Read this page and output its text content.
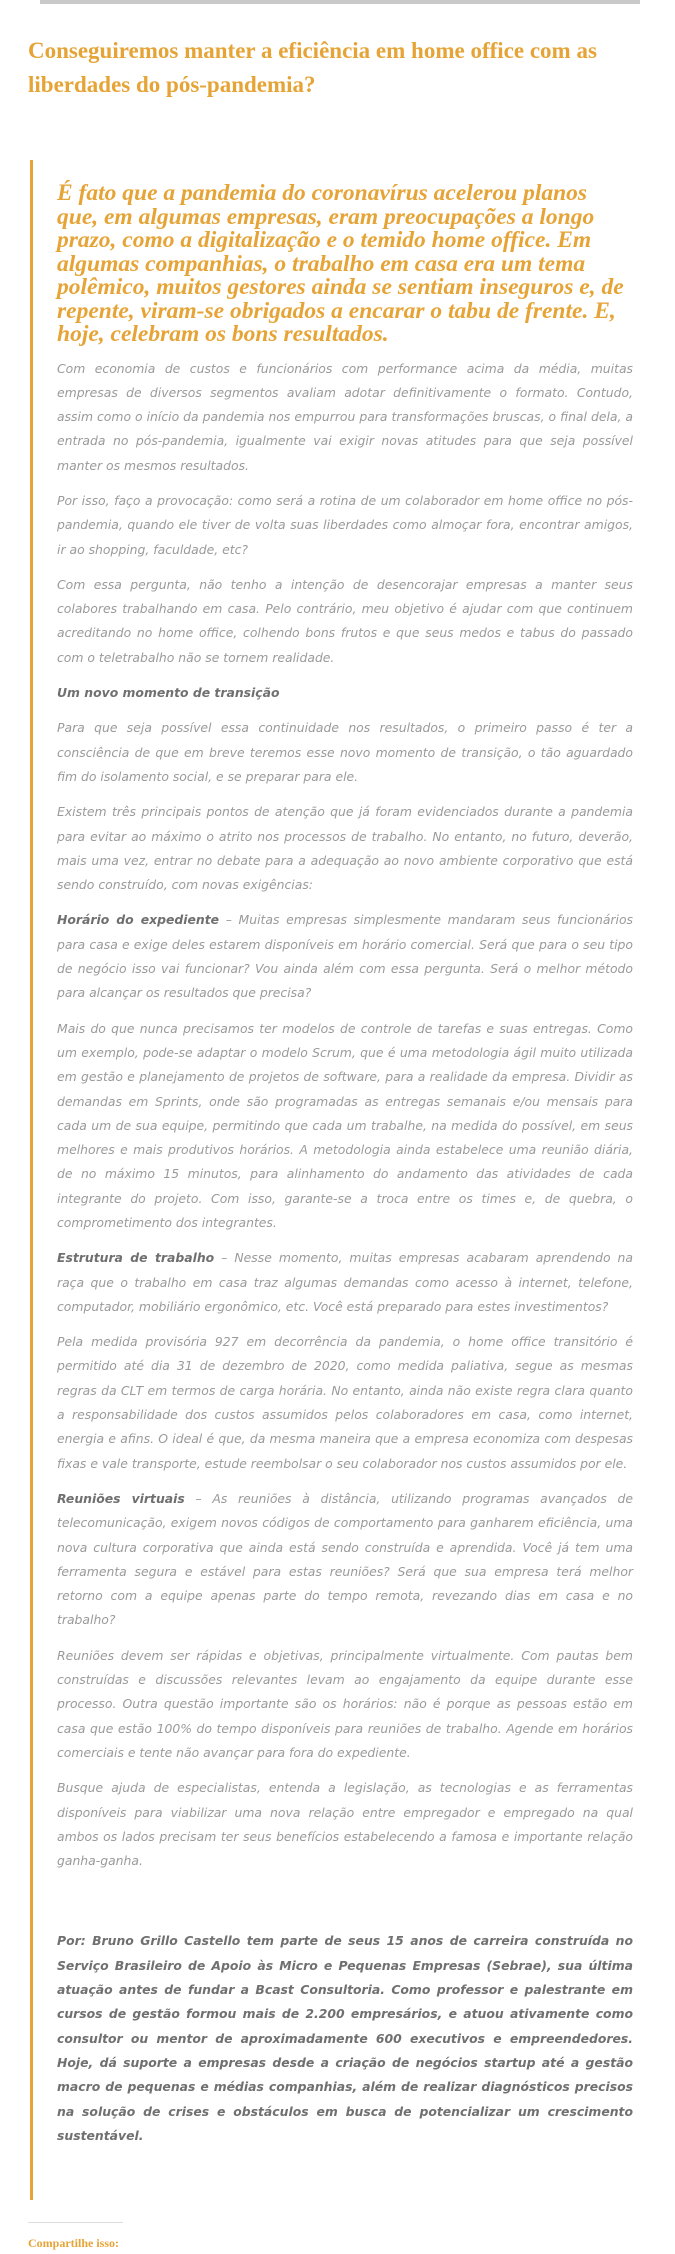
Conseguiremos manter a eficiência em home office com as liberdades do pós-pandemia?

É fato que a pandemia do coronavírus acelerou planos que, em algumas empresas, eram preocupações a longo prazo, como a digitalização e o temido home office. Em algumas companhias, o trabalho em casa era um tema polêmico, muitos gestores ainda se sentiam inseguros e, de repente, viram-se obrigados a encarar o tabu de frente. E, hoje, celebram os bons resultados.

Com economia de custos e funcionários com performance acima da média, muitas empresas de diversos segmentos avaliam adotar definitivamente o formato. Contudo, assim como o início da pandemia nos empurrou para transformações bruscas, o final dela, a entrada no pós-pandemia, igualmente vai exigir novas atitudes para que seja possível manter os mesmos resultados.

Por isso, faço a provocação: como será a rotina de um colaborador em home office no pós-pandemia, quando ele tiver de volta suas liberdades como almoçar fora, encontrar amigos, ir ao shopping, faculdade, etc?

Com essa pergunta, não tenho a intenção de desencorajar empresas a manter seus colabores trabalhando em casa. Pelo contrário, meu objetivo é ajudar com que continuem acreditando no home office, colhendo bons frutos e que seus medos e tabus do passado com o teletrabalho não se tornem realidade.

Um novo momento de transição

Para que seja possível essa continuidade nos resultados, o primeiro passo é ter a consciência de que em breve teremos esse novo momento de transição, o tão aguardado fim do isolamento social, e se preparar para ele.

Existem três principais pontos de atenção que já foram evidenciados durante a pandemia para evitar ao máximo o atrito nos processos de trabalho. No entanto, no futuro, deverão, mais uma vez, entrar no debate para a adequação ao novo ambiente corporativo que está sendo construído, com novas exigências:

Horário do expediente – Muitas empresas simplesmente mandaram seus funcionários para casa e exige deles estarem disponíveis em horário comercial. Será que para o seu tipo de negócio isso vai funcionar? Vou ainda além com essa pergunta. Será o melhor método para alcançar os resultados que precisa?

Mais do que nunca precisamos ter modelos de controle de tarefas e suas entregas. Como um exemplo, pode-se adaptar o modelo Scrum, que é uma metodologia ágil muito utilizada em gestão e planejamento de projetos de software, para a realidade da empresa. Dividir as demandas em Sprints, onde são programadas as entregas semanais e/ou mensais para cada um de sua equipe, permitindo que cada um trabalhe, na medida do possível, em seus melhores e mais produtivos horários. A metodologia ainda estabelece uma reunião diária, de no máximo 15 minutos, para alinhamento do andamento das atividades de cada integrante do projeto. Com isso, garante-se a troca entre os times e, de quebra, o comprometimento dos integrantes.

Estrutura de trabalho – Nesse momento, muitas empresas acabaram aprendendo na raça que o trabalho em casa traz algumas demandas como acesso à internet, telefone, computador, mobiliário ergonômico, etc. Você está preparado para estes investimentos?

Pela medida provisória 927 em decorrência da pandemia, o home office transitório é permitido até dia 31 de dezembro de 2020, como medida paliativa, segue as mesmas regras da CLT em termos de carga horária. No entanto, ainda não existe regra clara quanto a responsabilidade dos custos assumidos pelos colaboradores em casa, como internet, energia e afins. O ideal é que, da mesma maneira que a empresa economiza com despesas fixas e vale transporte, estude reembolsar o seu colaborador nos custos assumidos por ele.

Reuniões virtuais – As reuniões à distância, utilizando programas avançados de telecomunicação, exigem novos códigos de comportamento para ganharem eficiência, uma nova cultura corporativa que ainda está sendo construída e aprendida. Você já tem uma ferramenta segura e estável para estas reuniões? Será que sua empresa terá melhor retorno com a equipe apenas parte do tempo remota, revezando dias em casa e no trabalho?

Reuniões devem ser rápidas e objetivas, principalmente virtualmente. Com pautas bem construídas e discussões relevantes levam ao engajamento da equipe durante esse processo. Outra questão importante são os horários: não é porque as pessoas estão em casa que estão 100% do tempo disponíveis para reuniões de trabalho. Agende em horários comerciais e tente não avançar para fora do expediente.

Busque ajuda de especialistas, entenda a legislação, as tecnologias e as ferramentas disponíveis para viabilizar uma nova relação entre empregador e empregado na qual ambos os lados precisam ter seus benefícios estabelecendo a famosa e importante relação ganha-ganha.

Por: Bruno Grillo Castello tem parte de seus 15 anos de carreira construída no Serviço Brasileiro de Apoio às Micro e Pequenas Empresas (Sebrae), sua última atuação antes de fundar a Bcast Consultoria. Como professor e palestrante em cursos de gestão formou mais de 2.200 empresários, e atuou ativamente como consultor ou mentor de aproximadamente 600 executivos e empreendedores. Hoje, dá suporte a empresas desde a criação de negócios startup até a gestão macro de pequenas e médias companhias, além de realizar diagnósticos precisos na solução de crises e obstáculos em busca de potencializar um crescimento sustentável.

Compartilhe isso:
